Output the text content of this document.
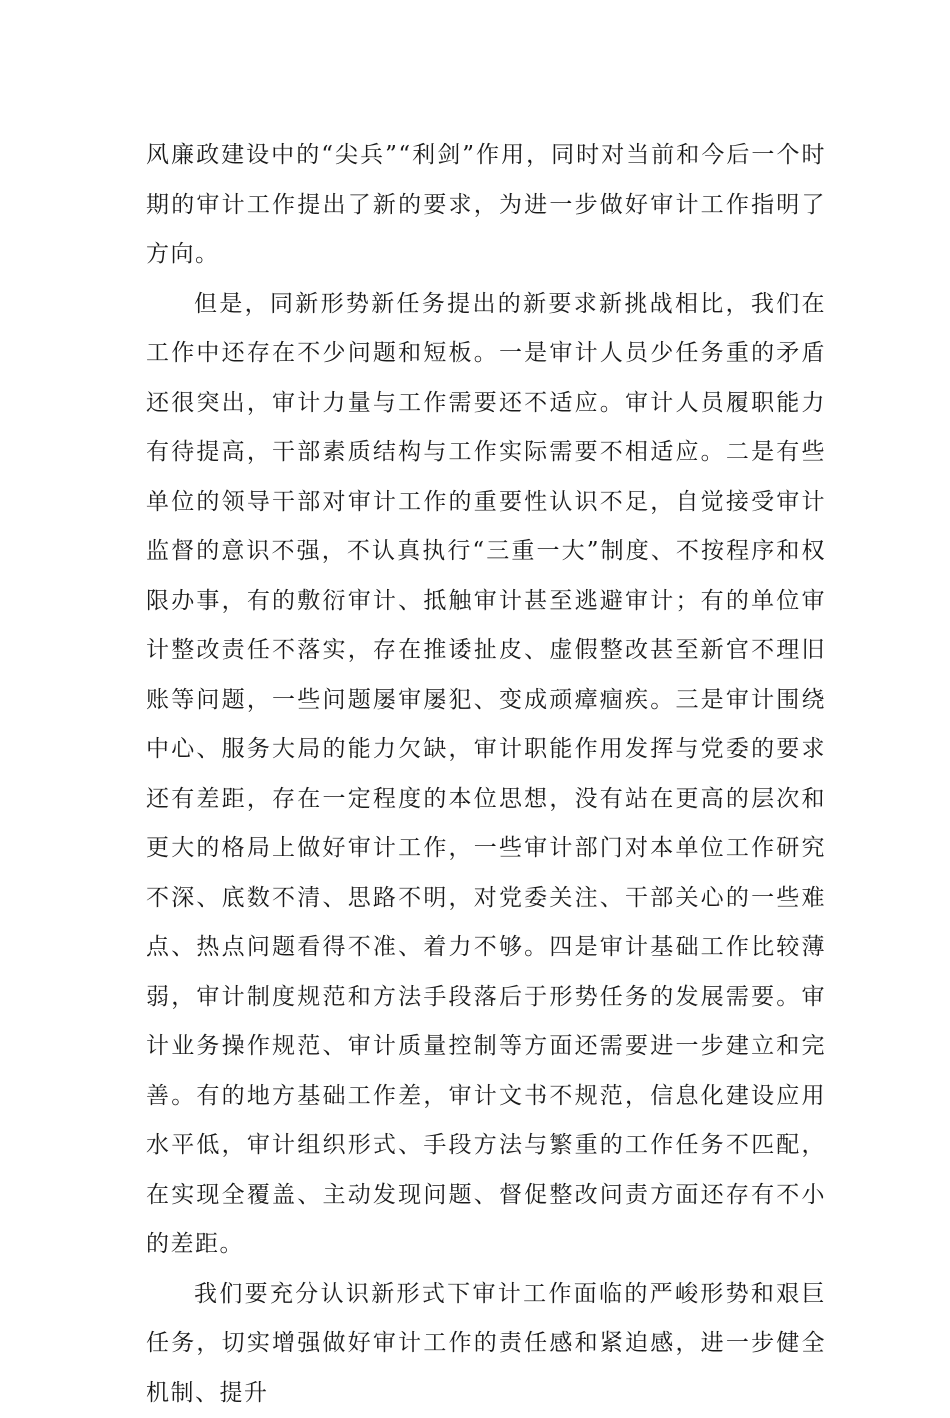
风廉政建设中的“尖兵”“利剑”作用，同时对当前和今后一个时期的审计工作提出了新的要求，为进一步做好审计工作指明了方向。

但是，同新形势新任务提出的新要求新挑战相比，我们在工作中还存在不少问题和短板。一是审计人员少任务重的矛盾还很突出，审计力量与工作需要还不适应。审计人员履职能力有待提高，干部素质结构与工作实际需要不相适应。二是有些单位的领导干部对审计工作的重要性认识不足，自觉接受审计监督的意识不强，不认真执行“三重一大”制度、不按程序和权限办事，有的敷衍审计、抵触审计甚至逃避审计；有的单位审计整改责任不落实，存在推诿扯皮、虚假整改甚至新官不理旧账等问题，一些问题屡审屡犯、变成顽瘴痼疾。三是审计围绕中心、服务大局的能力欠缺，审计职能作用发挥与党委的要求还有差距，存在一定程度的本位思想，没有站在更高的层次和更大的格局上做好审计工作，一些审计部门对本单位工作研究不深、底数不清、思路不明，对党委关注、干部关心的一些难点、热点问题看得不准、着力不够。四是审计基础工作比较薄弱，审计制度规范和方法手段落后于形势任务的发展需要。审计业务操作规范、审计质量控制等方面还需要进一步建立和完善。有的地方基础工作差，审计文书不规范，信息化建设应用水平低，审计组织形式、手段方法与繁重的工作任务不匹配，在实现全覆盖、主动发现问题、督促整改问责方面还存有不小的差距。

我们要充分认识新形式下审计工作面临的严峻形势和艰巨任务，切实增强做好审计工作的责任感和紧迫感，进一步健全机制、提升
